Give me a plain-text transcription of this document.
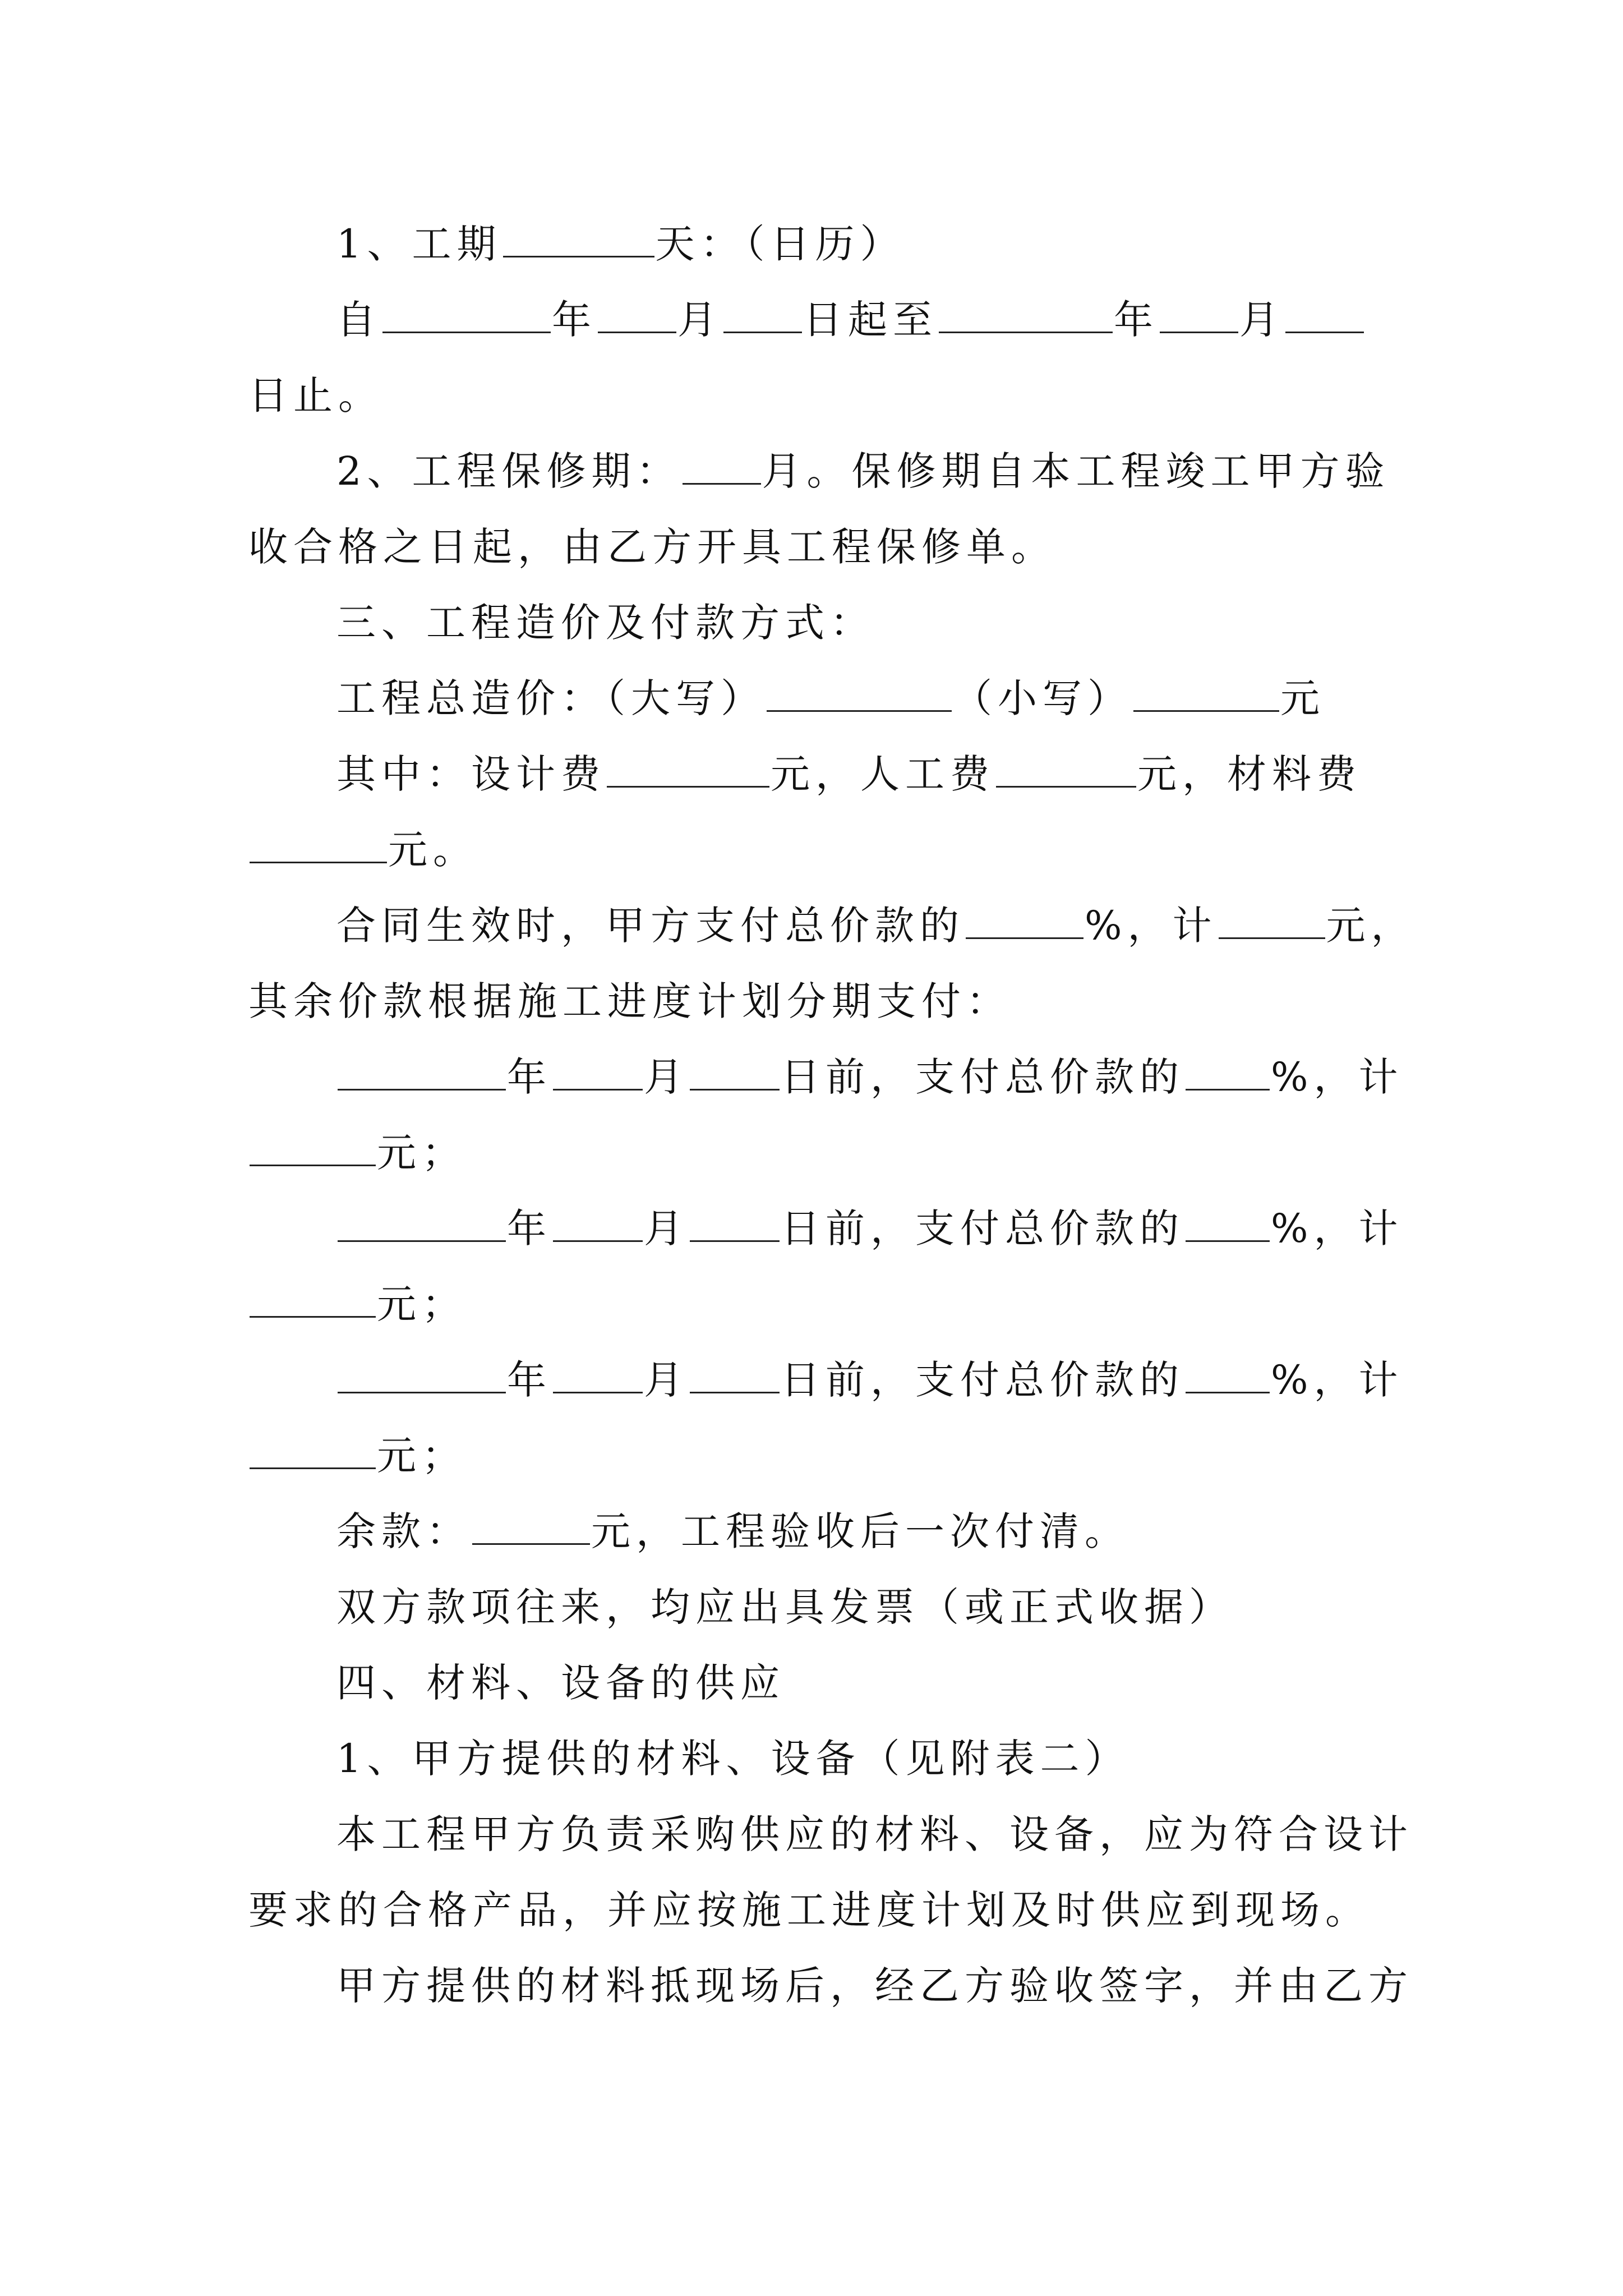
1、工期	天：（日历）
自	年 月 日起至	年 月
日止。
2、工程保修期： 月。保修期自本工程竣工甲方验
收合格之日起，由乙方开具工程保修单。
三、工程造价及付款方式：
工程总造价：（大写）	（小写）	元
其中：设计费	元，人工费	元，材料费
元。
合同生效时，甲方支付总价款的	%，计	元，
其余价款根据施工进度计划分期支付：
年 月 日前，支付总价款的 %，计
元；
年 月 日前，支付总价款的 %，计
元；
年 月 日前，支付总价款的 %，计
元；
余款：	元，工程验收后一次付清。
双方款项往来，均应出具发票（或正式收据）
四、材料、设备的供应
1、甲方提供的材料、设备（见附表二）
本工程甲方负责采购供应的材料、设备，应为符合设计
要求的合格产品，并应按施工进度计划及时供应到现场。
甲方提供的材料抵现场后，经乙方验收签字，并由乙方
